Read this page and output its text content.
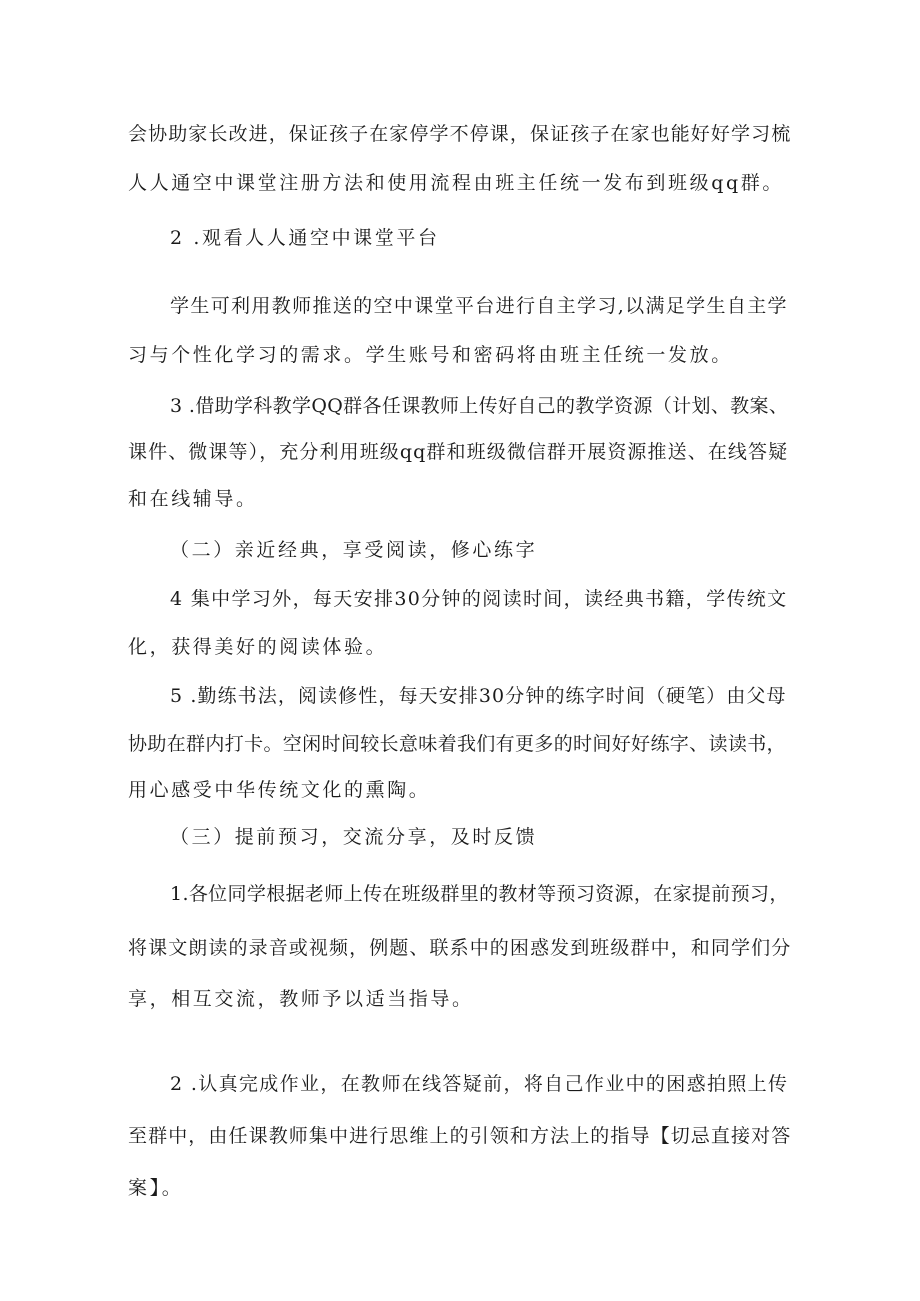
会协助家长改进，保证孩子在家停学不停课，保证孩子在家也能好好学习梳
人人通空中课堂注册方法和使用流程由班主任统一发布到班级qq群。
2 .观看人人通空中课堂平台
学生可利用教师推送的空中课堂平台进行自主学习,以满足学生自主学
习与个性化学习的需求。学生账号和密码将由班主任统一发放。
3 .借助学科教学QQ群各任课教师上传好自己的教学资源（计划、教案、
课件、微课等），充分利用班级qq群和班级微信群开展资源推送、在线答疑
和在线辅导。
（二）亲近经典，享受阅读，修心练字
4 集中学习外，每天安排30分钟的阅读时间，读经典书籍，学传统文
化，获得美好的阅读体验。
5 .勤练书法，阅读修性，每天安排30分钟的练字时间（硬笔）由父母
协助在群内打卡。空闲时间较长意味着我们有更多的时间好好练字、读读书，
用心感受中华传统文化的熏陶。
（三）提前预习，交流分享，及时反馈
1.各位同学根据老师上传在班级群里的教材等预习资源，在家提前预习，
将课文朗读的录音或视频，例题、联系中的困惑发到班级群中，和同学们分
享，相互交流，教师予以适当指导。
2 .认真完成作业，在教师在线答疑前，将自己作业中的困惑拍照上传
至群中，由任课教师集中进行思维上的引领和方法上的指导【切忌直接对答
案】。
